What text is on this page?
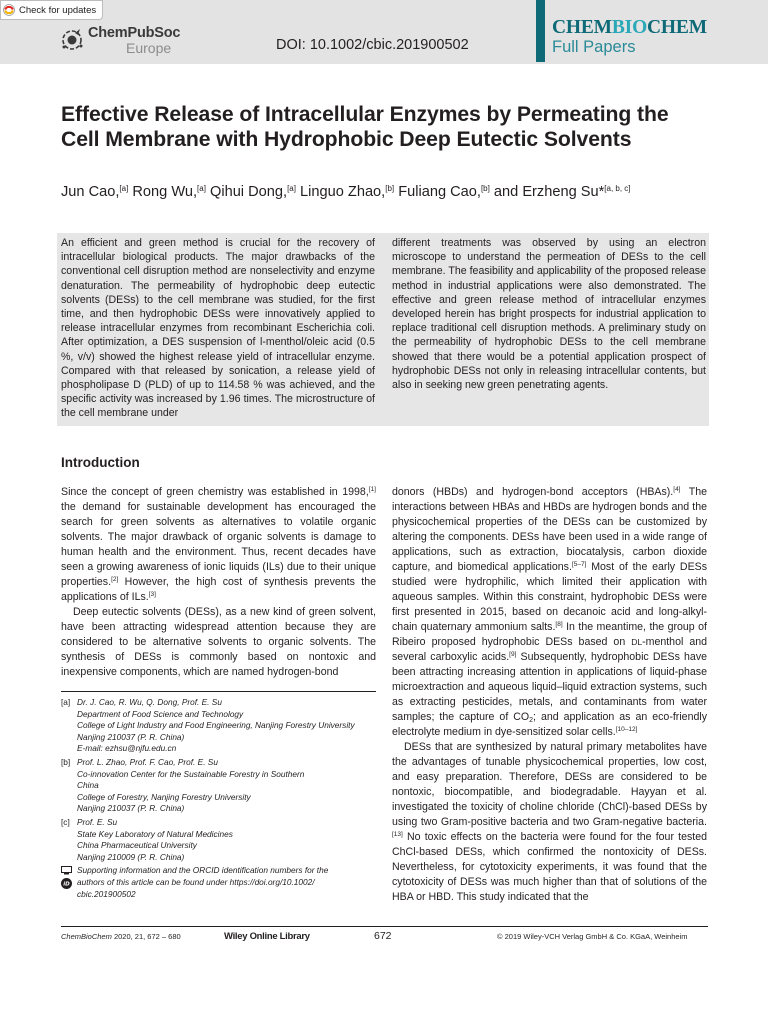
Check for updates
ChemPubSoc
Europe	DOI: 10.1002/cbic.201900502
CHEMBIOCHEM
Full Papers
Effective Release of Intracellular Enzymes by Permeating the Cell Membrane with Hydrophobic Deep Eutectic Solvents
Jun Cao,[a] Rong Wu,[a] Qihui Dong,[a] Linguo Zhao,[b] Fuliang Cao,[b] and Erzheng Su*[a, b, c]
An efficient and green method is crucial for the recovery of intracellular biological products. The major drawbacks of the conventional cell disruption method are nonselectivity and enzyme denaturation. The permeability of hydrophobic deep eutectic solvents (DESs) to the cell membrane was studied, for the first time, and then hydrophobic DESs were innovatively applied to release intracellular enzymes from recombinant Escherichia coli. After optimization, a DES suspension of l-menthol/oleic acid (0.5 %, v/v) showed the highest release yield of intracellular enzyme. Compared with that released by sonication, a release yield of phospholipase D (PLD) of up to 114.58 % was achieved, and the specific activity was increased by 1.96 times. The microstructure of the cell membrane under
different treatments was observed by using an electron microscope to understand the permeation of DESs to the cell membrane. The feasibility and applicability of the proposed release method in industrial applications were also demonstrated. The effective and green release method of intracellular enzymes developed herein has bright prospects for industrial application to replace traditional cell disruption methods. A preliminary study on the permeability of hydrophobic DESs to the cell membrane showed that there would be a potential application prospect of hydrophobic DESs not only in releasing intracellular contents, but also in seeking new green penetrating agents.
Introduction

Since the concept of green chemistry was established in 1998,[1] the demand for sustainable development has encouraged the search for green solvents as alternatives to volatile organic solvents. The major drawback of organic solvents is damage to human health and the environment. Thus, recent decades have seen a growing awareness of ionic liquids (ILs) due to their unique properties.[2] However, the high cost of synthesis prevents the applications of ILs.[3]

Deep eutectic solvents (DESs), as a new kind of green solvent, have been attracting widespread attention because they are considered to be alternative solvents to organic solvents. The synthesis of DESs is commonly based on nontoxic and inexpensive components, which are named hydrogen-bond

donors (HBDs) and hydrogen-bond acceptors (HBAs).[4] The interactions between HBAs and HBDs are hydrogen bonds and the physicochemical properties of the DESs can be customized by altering the components. DESs have been used in a wide range of applications, such as extraction, biocatalysis, carbon dioxide capture, and biomedical applications.[5–7] Most of the early DESs studied were hydrophilic, which limited their application with aqueous samples. Within this constraint, hydrophobic DESs were first presented in 2015, based on decanoic acid and long-alkyl-chain quaternary ammonium salts.[8] In the meantime, the group of Ribeiro proposed hydrophobic DESs based on DL-menthol and several carboxylic acids.[9] Subsequently, hydrophobic DESs have been attracting increasing attention in applications of liquid-phase microextraction and aqueous liquid–liquid extraction systems, such as extracting pesticides, metals, and contaminants from water samples; the capture of $CO_2$; and application as an eco-friendly electrolyte medium in dye-sensitized solar cells.[10–12]

DESs that are synthesized by natural primary metabolites have the advantages of tunable physicochemical properties, low cost, and easy preparation. Therefore, DESs are considered to be nontoxic, biocompatible, and biodegradable. Hayyan et al. investigated the toxicity of choline chloride (ChCl)-based DESs by using two Gram-positive bacteria and two Gram-negative bacteria.[13] No toxic effects on the bacteria were found for the four tested ChCl-based DESs, which confirmed the nontoxicity of DESs. Nevertheless, for cytotoxicity experiments, it was found that the cytotoxicity of DESs was much higher than that of solutions of the HBA or HBD. This study indicated that the

[a] Dr. J. Cao, R. Wu, Q. Dong, Prof. E. Su
Department of Food Science and Technology
College of Light Industry and Food Engineering, Nanjing Forestry University
Nanjing 210037 (P. R. China)
E-mail: ezhsu@njfu.edu.cn
[b] Prof. L. Zhao, Prof. F. Cao, Prof. E. Su
Co-innovation Center for the Sustainable Forestry in Southern
China
College of Forestry, Nanjing Forestry University
Nanjing 210037 (P. R. China)
[c] Prof. E. Su
State Key Laboratory of Natural Medicines
China Pharmaceutical University
Nanjing 210009 (P. R. China)
iD
Supporting information and the ORCID identification numbers for the
authors of this article can be found under https://doi.org/10.1002/
cbic.201900502
ChemBioChem 2020, 21, 672 – 680	Wiley Online Library	672	© 2019 Wiley-VCH Verlag GmbH & Co. KGaA, Weinheim
